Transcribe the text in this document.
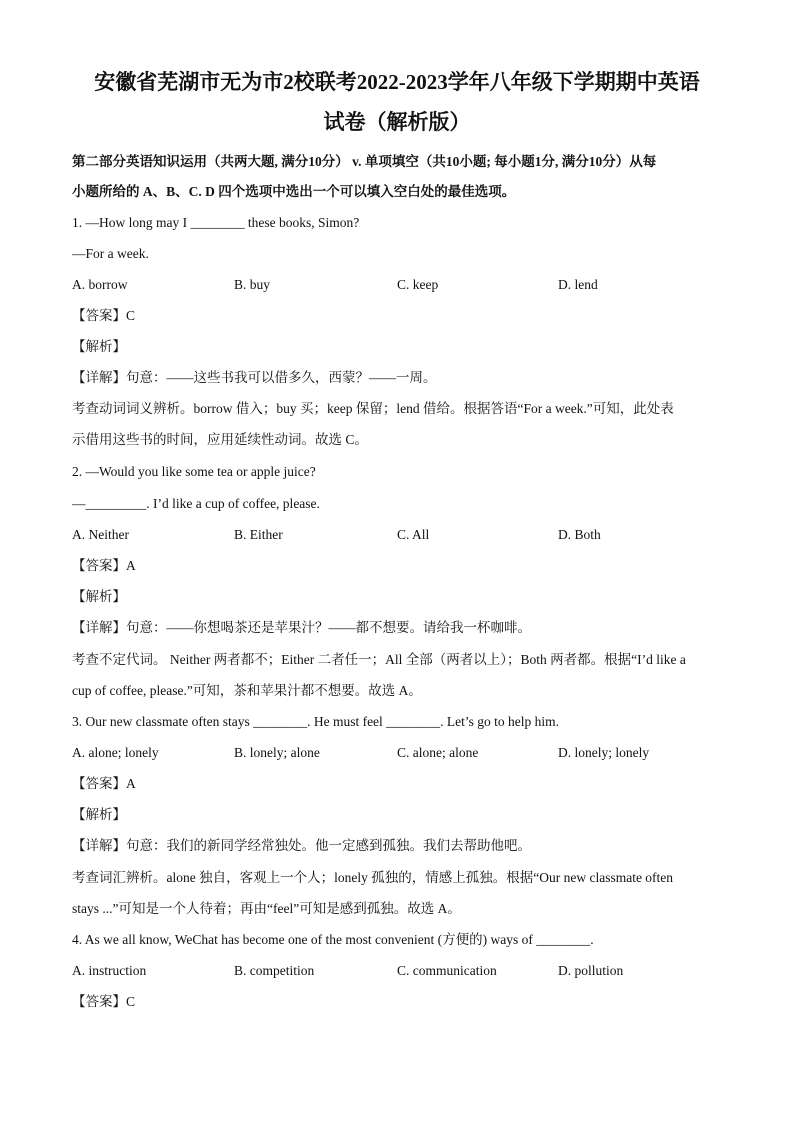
安徽省芜湖市无为市2校联考2022-2023学年八年级下学期期中英语
试卷（解析版）
第二部分英语知识运用（共两大题, 满分10分） v. 单项填空（共10小题; 每小题1分, 满分10分）从每
小题所给的 A、B、C. D 四个选项中选出一个可以填入空白处的最佳选项。
1. —How long may I ________ these books, Simon?
—For a week.
A. borrow	B. buy	C. keep	D. lend
【答案】C
【解析】
【详解】句意：——这些书我可以借多久，西蒙？——一周。
考查动词词义辨析。borrow 借入；buy 买；keep 保留；lend 借给。根据答语“For a week.”可知，此处表
示借用这些书的时间，应用延续性动词。故选 C。
2. —Would you like some tea or apple juice?
—_________. I’d like a cup of coffee, please.
A. Neither	B. Either	C. All	D. Both
【答案】A
【解析】
【详解】句意：——你想喝茶还是苹果汁？——都不想要。请给我一杯咖啡。
考查不定代词。 Neither 两者都不；Either 二者任一；All 全部（两者以上）；Both 两者都。根据“I’d like a
cup of coffee, please.”可知，茶和苹果汁都不想要。故选 A。
3. Our new classmate often stays ________. He must feel ________. Let’s go to help him.
A. alone; lonely	B. lonely; alone	C. alone; alone	D. lonely; lonely
【答案】A
【解析】
【详解】句意：我们的新同学经常独处。他一定感到孤独。我们去帮助他吧。
考查词汇辨析。alone 独自，客观上一个人；lonely 孤独的，情感上孤独。根据“Our new classmate often
stays ...”可知是一个人待着；再由“feel”可知是感到孤独。故选 A。
4. As we all know, WeChat has become one of the most convenient (方便的) ways of ________.
A. instruction	B. competition	C. communication	D. pollution
【答案】C
